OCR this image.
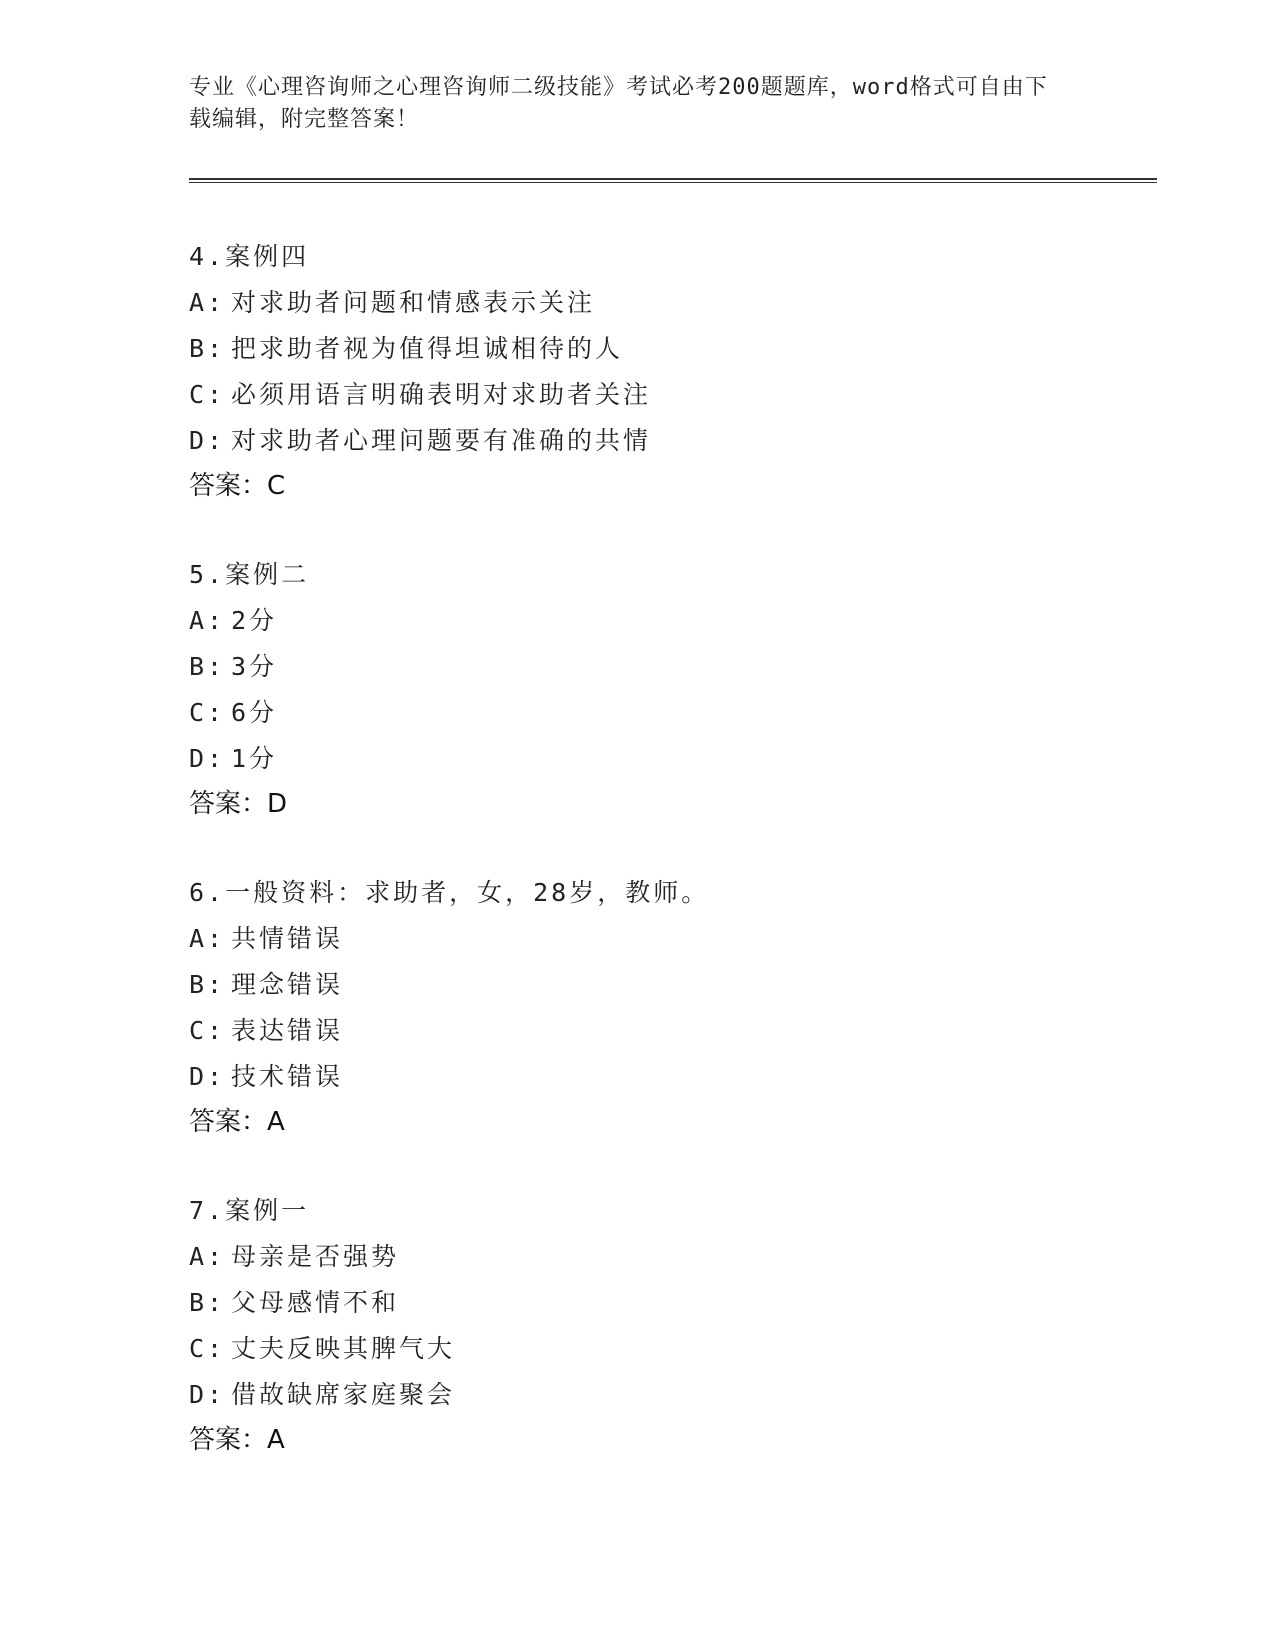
专业《心理咨询师之心理咨询师二级技能》考试必考200题题库，word格式可自由下载编辑，附完整答案！
4.案例四
A: 对求助者问题和情感表示关注
B: 把求助者视为值得坦诚相待的人
C: 必须用语言明确表明对求助者关注
D: 对求助者心理问题要有准确的共情
答案：C
5.案例二
A: 2分
B: 3分
C: 6分
D: 1分
答案：D
6.一般资料：求助者，女，28岁，教师。
A: 共情错误
B: 理念错误
C: 表达错误
D: 技术错误
答案：A
7.案例一
A: 母亲是否强势
B: 父母感情不和
C: 丈夫反映其脾气大
D: 借故缺席家庭聚会
答案：A
